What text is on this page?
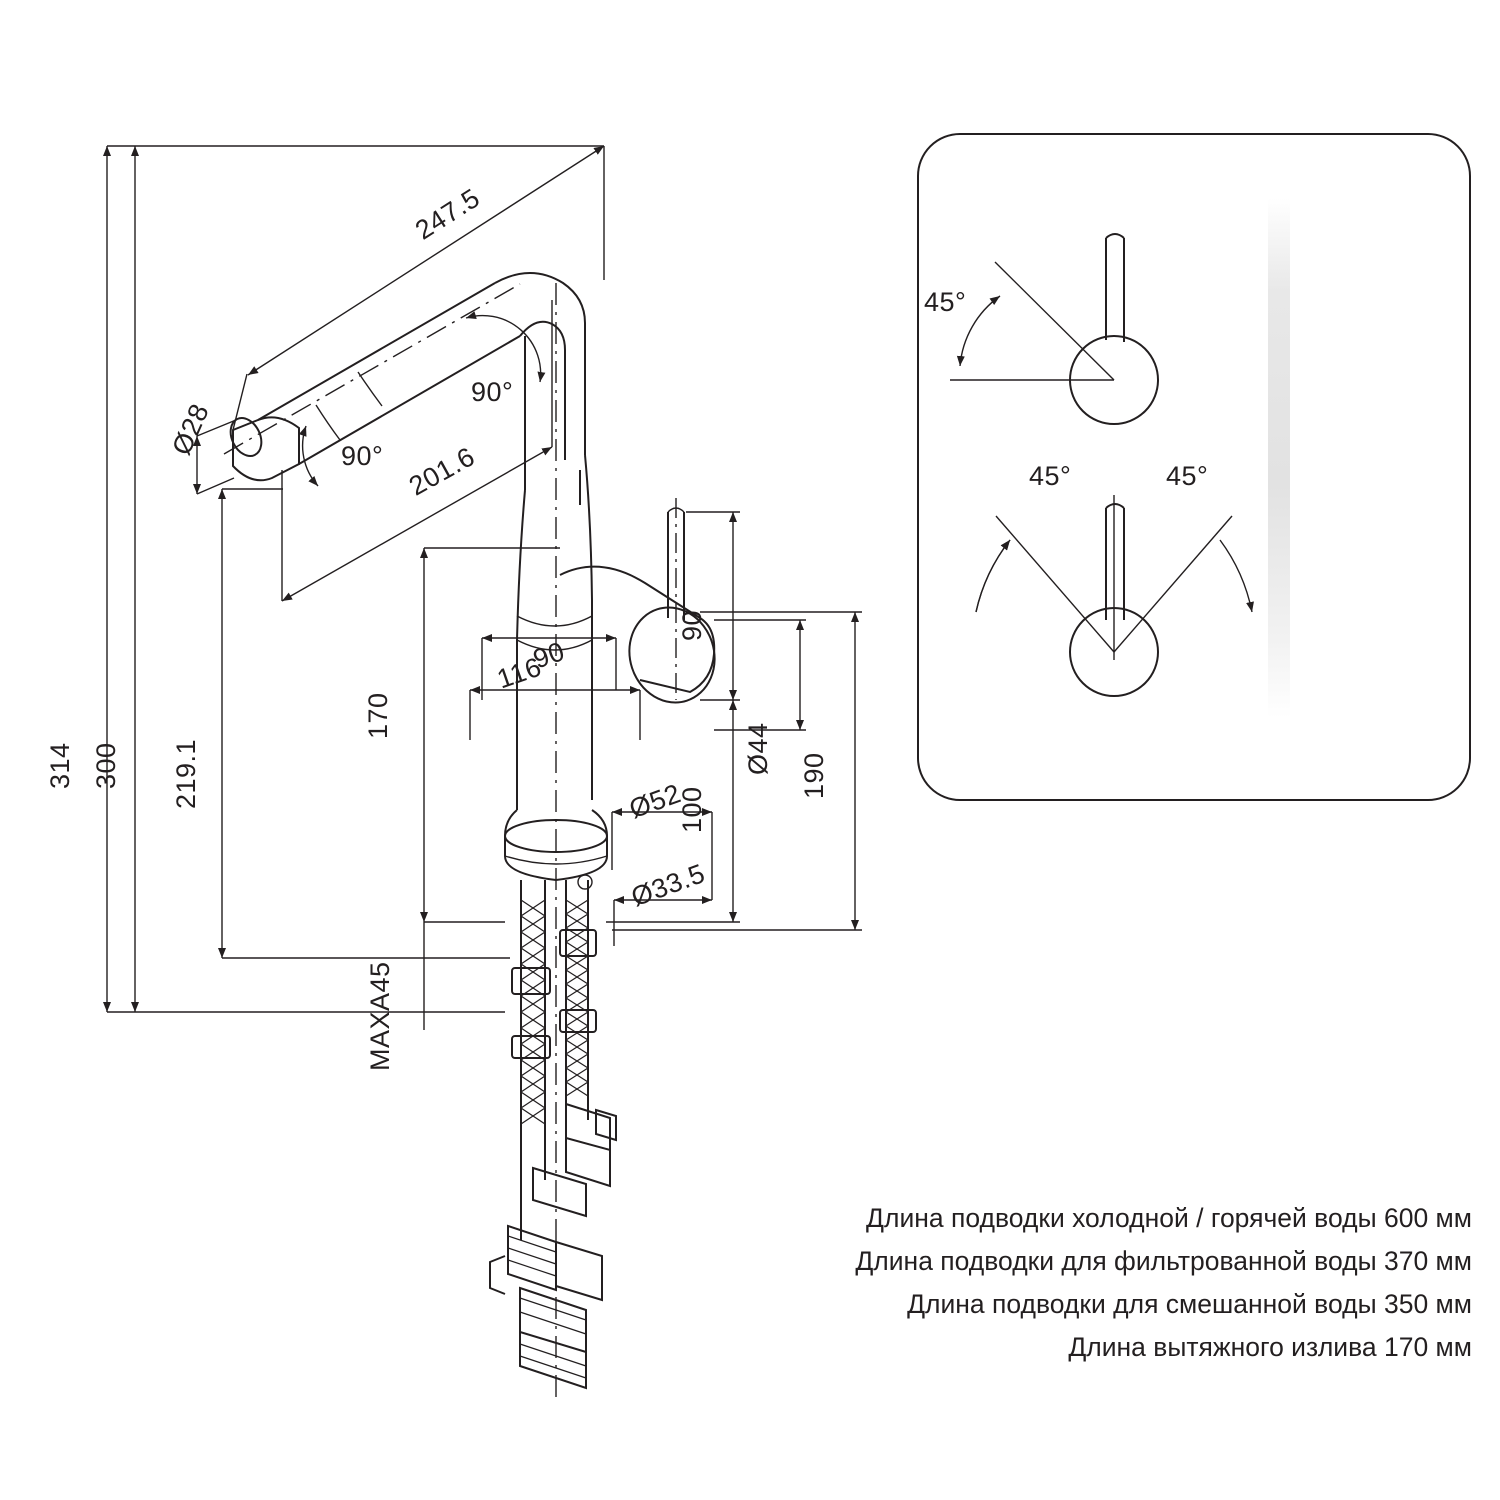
247.5
Ø28	90°
90°
201.6
314 300	219.1
170
90
116
90
Ø44
100
190
Ø52
Ø33.5
MAXA45
45°
45°	45°
Длина подводки холодной / горячей воды 600 мм
Длина подводки для фильтрованной воды 370 мм
Длина подводки для смешанной воды 350 мм
Длина вытяжного излива 170 мм
